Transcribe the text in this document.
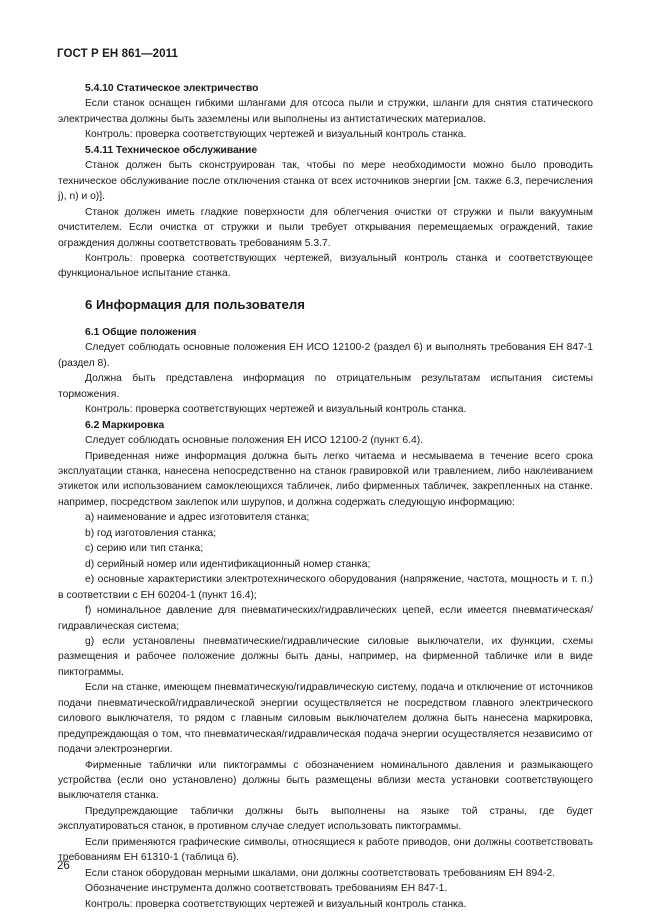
ГОСТ Р ЕН 861—2011

5.4.10 Статическое электричество

Если станок оснащен гибкими шлангами для отсоса пыли и стружки, шланги для снятия статического электричества должны быть заземлены или выполнены из антистатических материалов.

Контроль: проверка соответствующих чертежей и визуальный контроль станка.

5.4.11 Техническое обслуживание

Станок должен быть сконструирован так, чтобы по мере необходимости можно было проводить техническое обслуживание после отключения станка от всех источников энергии [см. также 6.3, перечисления j), n) и o)].

Станок должен иметь гладкие поверхности для облегчения очистки от стружки и пыли вакуумным очистителем. Если очистка от стружки и пыли требует открывания перемещаемых ограждений, такие ограждения должны соответствовать требованиям 5.3.7.

Контроль: проверка соответствующих чертежей, визуальный контроль станка и соответствующее функциональное испытание станка.

6 Информация для пользователя

6.1 Общие положения

Следует соблюдать основные положения ЕН ИСО 12100-2 (раздел 6) и выполнять требования ЕН 847-1 (раздел 8).

Должна быть представлена информация по отрицательным результатам испытания системы торможения.

Контроль: проверка соответствующих чертежей и визуальный контроль станка.

6.2 Маркировка

Следует соблюдать основные положения ЕН ИСО 12100-2 (пункт 6.4).

Приведенная ниже информация должна быть легко читаема и несмываема в течение всего срока эксплуатации станка, нанесена непосредственно на станок гравировкой или травлением, либо наклеиванием этикеток или использованием самоклеющихся табличек, либо фирменных табличек, закрепленных на станке. например, посредством заклепок или шурупов, и должна содержать следующую информацию:

a) наименование и адрес изготовителя станка;

b) год изготовления станка;

c) серию или тип станка;

d) серийный номер или идентификационный номер станка;

e) основные характеристики электротехнического оборудования (напряжение, частота, мощность и т. п.) в соответствии с ЕН 60204-1 (пункт 16.4);

f) номинальное давление для пневматических/гидравлических цепей, если имеется пневматическая/гидравлическая система;

g) если установлены пневматические/гидравлические силовые выключатели, их функции, схемы размещения и рабочее положение должны быть даны, например, на фирменной табличке или в виде пиктограммы.

Если на станке, имеющем пневматическую/гидравлическую систему, подача и отключение от источников подачи пневматической/гидравлической энергии осуществляется не посредством главного электрического силового выключателя, то рядом с главным силовым выключателем должна быть нанесена маркировка, предупреждающая о том, что пневматическая/гидравлическая подача энергии осуществляется независимо от подачи электроэнергии.

Фирменные таблички или пиктограммы с обозначением номинального давления и размыкающего устройства (если оно установлено) должны быть размещены вблизи места установки соответствующего выключателя станка.

Предупреждающие таблички должны быть выполнены на языке той страны, где будет эксплуатироваться станок, в противном случае следует использовать пиктограммы.

Если применяются графические символы, относящиеся к работе приводов, они должны соответствовать требованиям ЕН 61310-1 (таблица 6).

Если станок оборудован мерными шкалами, они должны соответствовать требованиям ЕН 894-2.

Обозначение инструмента должно соответствовать требованиям ЕН 847-1.

Контроль: проверка соответствующих чертежей и визуальный контроль станка.

26
